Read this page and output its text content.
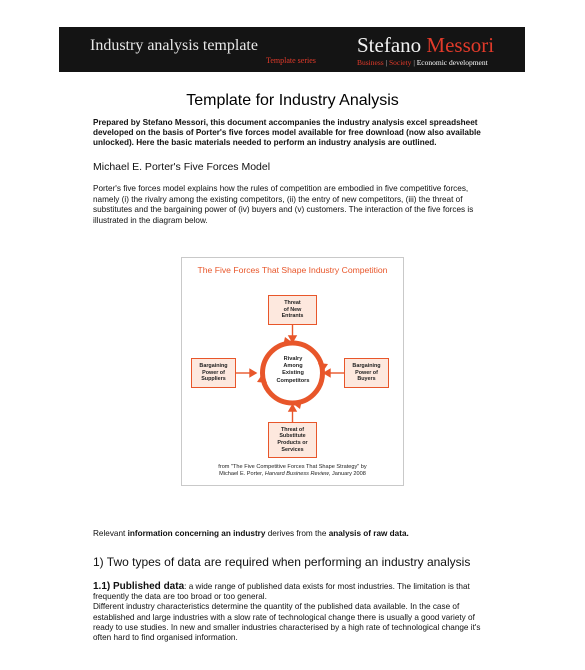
Industry analysis template
Template series
Stefano Messori
Business | Society | Economic development
Template for Industry Analysis
Prepared by Stefano Messori, this document accompanies the industry analysis excel spreadsheet developed on the basis of Porter's five forces model available for free download (now also available unlocked). Here the basic materials needed to perform an industry analysis are outlined.
Michael E. Porter's Five Forces Model
Porter's five forces model explains how the rules of competition are embodied in five competitive forces, namely (i) the rivalry among the existing competitors, (ii) the entry of new competitors, (iii) the threat of substitutes and the bargaining power of (iv) buyers and (v) customers. The interaction of the five forces is illustrated in the diagram below.
The Five Forces That Shape Industry Competition
Threat
of New
Entrants
Bargaining
Power of
Suppliers
Bargaining
Power of
Buyers
Threat of
Substitute
Products or
Services
Rivalry
Among
Existing
Competitors
from "The Five Competitive Forces That Shape Strategy" by
Michael E. Porter, Harvard Business Review, January 2008
Relevant information concerning an industry derives from the analysis of raw data.
1) Two types of data are required when performing an industry analysis
1.1) Published data: a wide range of published data exists for most industries. The limitation is that frequently the data are too broad or too general.
Different industry characteristics determine the quantity of the published data available. In the case of established and large industries with a slow rate of technological change there is usually a good variety of ready to use studies. In new and smaller industries characterised by a high rate of technological change it's often hard to find organised information.
